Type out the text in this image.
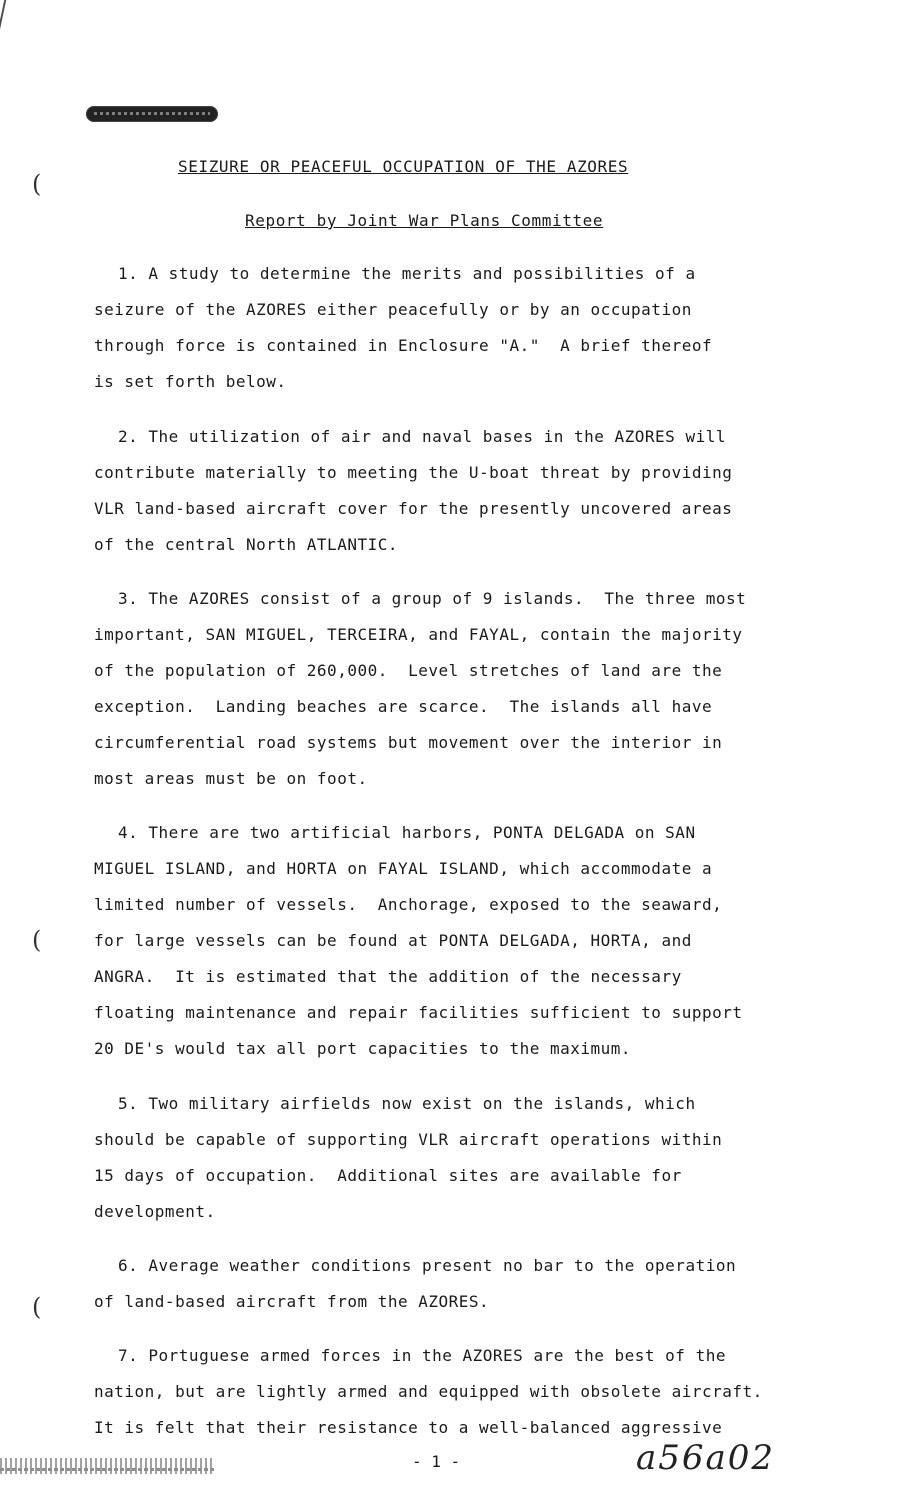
(
(
(
SEIZURE OR PEACEFUL OCCUPATION OF THE AZORES
Report by Joint War Plans Committee
1. A study to determine the merits and possibilities of a
seizure of the AZORES either peacefully or by an occupation
through force is contained in Enclosure "A."  A brief thereof
is set forth below.
2. The utilization of air and naval bases in the AZORES will
contribute materially to meeting the U-boat threat by providing
VLR land-based aircraft cover for the presently uncovered areas
of the central North ATLANTIC.
3. The AZORES consist of a group of 9 islands.  The three most
important, SAN MIGUEL, TERCEIRA, and FAYAL, contain the majority
of the population of 260,000.  Level stretches of land are the
exception.  Landing beaches are scarce.  The islands all have
circumferential road systems but movement over the interior in
most areas must be on foot.
4. There are two artificial harbors, PONTA DELGADA on SAN
MIGUEL ISLAND, and HORTA on FAYAL ISLAND, which accommodate a
limited number of vessels.  Anchorage, exposed to the seaward,
for large vessels can be found at PONTA DELGADA, HORTA, and
ANGRA.  It is estimated that the addition of the necessary
floating maintenance and repair facilities sufficient to support
20 DE's would tax all port capacities to the maximum.
5. Two military airfields now exist on the islands, which
should be capable of supporting VLR aircraft operations within
15 days of occupation.  Additional sites are available for
development.
6. Average weather conditions present no bar to the operation
of land-based aircraft from the AZORES.
7. Portuguese armed forces in the AZORES are the best of the
nation, but are lightly armed and equipped with obsolete aircraft.
It is felt that their resistance to a well-balanced aggressive
- 1 -	a56a02
